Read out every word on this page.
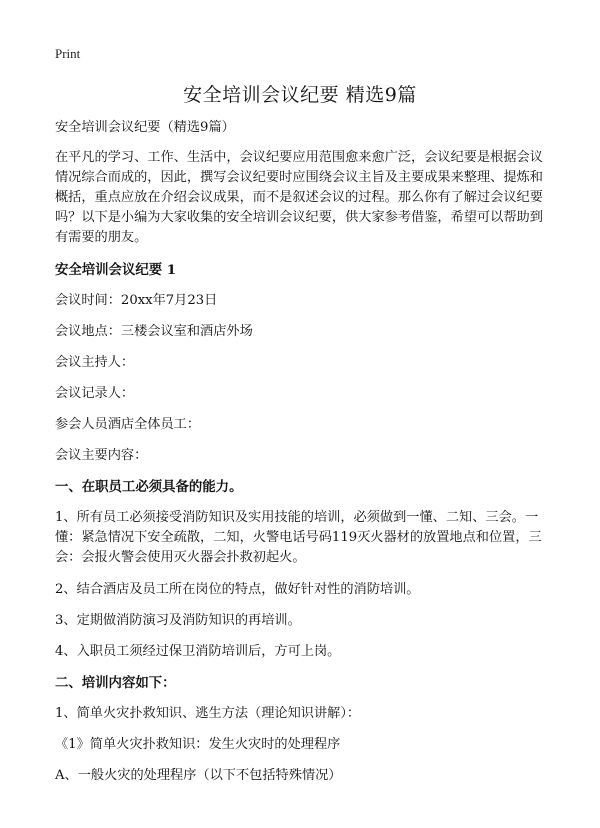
Print
安全培训会议纪要 精选9篇

安全培训会议纪要（精选9篇）

在平凡的学习、工作、生活中，会议纪要应用范围愈来愈广泛，会议纪要是根据会议情况综合而成的，因此，撰写会议纪要时应围绕会议主旨及主要成果来整理、提炼和概括，重点应放在介绍会议成果，而不是叙述会议的过程。那么你有了解过会议纪要吗？以下是小编为大家收集的安全培训会议纪要，供大家参考借鉴，希望可以帮助到有需要的朋友。

安全培训会议纪要 1

会议时间：20xx年7月23日

会议地点：三楼会议室和酒店外场

会议主持人：

会议记录人：

参会人员酒店全体员工：

会议主要内容：

一、在职员工必须具备的能力。

1、所有员工必须接受消防知识及实用技能的培训，必须做到一懂、二知、三会。一懂：紧急情况下安全疏散，二知，火警电话号码119灭火器材的放置地点和位置，三会：会报火警会使用灭火器会扑救初起火。

2、结合酒店及员工所在岗位的特点，做好针对性的消防培训。

3、定期做消防演习及消防知识的再培训。

4、入职员工须经过保卫消防培训后，方可上岗。

二、培训内容如下：

1、简单火灾扑救知识、逃生方法（理论知识讲解）：

《1》简单火灾扑救知识：发生火灾时的处理程序

A、一般火灾的处理程序（以下不包括特殊情况）
